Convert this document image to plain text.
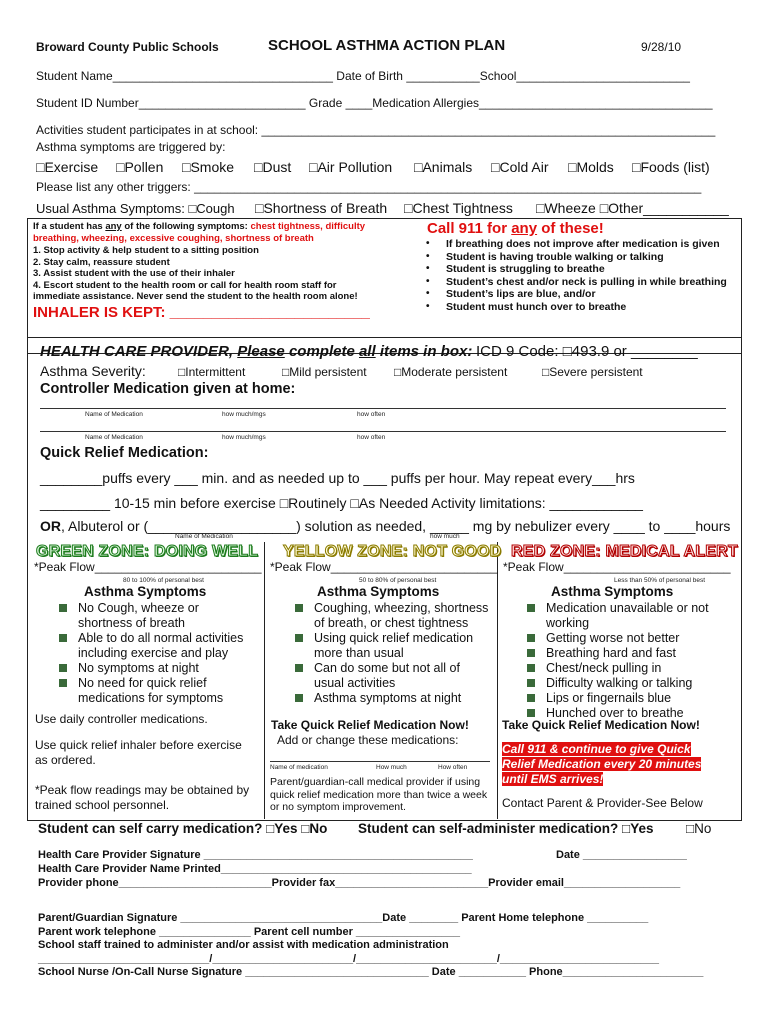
Broward County Public Schools	SCHOOL ASTHMA ACTION PLAN	9/28/10
Student Name_________________________________ Date of Birth ___________School__________________________
Student ID Number_________________________ Grade ____Medication Allergies___________________________________
Activities student participates in at school: ____________________________________________________________________
Asthma symptoms are triggered by:
□Exercise □Pollen □Smoke □Dust □Air Pollution □Animals □Cold Air □Molds □Foods (list)
Please list any other triggers: ____________________________________________________________________________
Usual Asthma Symptoms: □Cough □Shortness of Breath □Chest Tightness □Wheeze □Other___________
If a student has any of the following symptoms: chest tightness, difficulty
breathing, wheezing, excessive coughing, shortness of breath
1. Stop activity & help student to a sitting position
2. Stay calm, reassure student
3. Assist student with the use of their inhaler
4. Escort student to the health room or call for health room staff for
immediate assistance. Never send the student to the health room alone!
INHALER IS KEPT: ________________________
Call 911 for any of these!
• If breathing does not improve after medication is given
• Student is having trouble walking or talking
• Student is struggling to breathe
• Student’s chest and/or neck is pulling in while breathing
• Student’s lips are blue, and/or
• Student must hunch over to breathe
HEALTH CARE PROVIDER, Please complete all items in box: ICD 9 Code: □493.9 or ________
Asthma Severity:	□Intermittent	□Mild persistent □Moderate persistent	□Severe persistent
Controller Medication given at home:
Name of Medication	how much/mgs	how often
Name of Medication	how much/mgs	how often
Quick Relief Medication:
________puffs every ___ min. and as needed up to ___ puffs per hour. May repeat every___hrs
_________ 10-15 min before exercise □Routinely □As Needed Activity limitations: ____________
OR, Albuterol or (___________________) solution as needed, _____ mg by nebulizer every ____ to ____hours
Name of Medication	how much
GREEN ZONE: DOING WELL
*Peak Flow_________________________
80 to 100% of personal best
Asthma Symptoms
No Cough, wheeze or shortness of breath
Able to do all normal activities including exercise and play
No symptoms at night
No need for quick relief medications for symptoms
Use daily controller medications.
Use quick relief inhaler before exercise as ordered.
*Peak flow readings may be obtained by trained school personnel.
YELLOW ZONE: NOT GOOD
*Peak Flow_________________________
50 to 80% of personal best
Asthma Symptoms
Coughing, wheezing, shortness of breath, or chest tightness
Using quick relief medication more than usual
Can do some but not all of usual activities
Asthma symptoms at night
Take Quick Relief Medication Now!
Add or change these medications:
Name of medication	How much	How often
Parent/guardian-call medical provider if using quick relief medication more than twice a week or no symptom improvement.
RED ZONE: MEDICAL ALERT
*Peak Flow_________________________
Less than 50% of personal best
Asthma Symptoms
Medication unavailable or not working
Getting worse not better
Breathing hard and fast
Chest/neck pulling in
Difficulty walking or talking
Lips or fingernails blue
Hunched over to breathe
Take Quick Relief Medication Now!
Call 911 & continue to give Quick
Relief Medication every 20 minutes
until EMS arrives!
Contact Parent & Provider-See Below
Student can self carry medication? □Yes □No Student can self-administer medication? □Yes □No
Health Care Provider Signature ____________________________________________	Date _________________
Health Care Provider Name Printed_________________________________________
Provider phone_________________________Provider fax_________________________Provider email___________________
Parent/Guardian Signature _________________________________Date ________ Parent Home telephone __________
Parent work telephone _______________ Parent cell number _________________
School staff trained to administer and/or assist with medication administration
____________________________/_______________________/_______________________/__________________________
School Nurse /On-Call Nurse Signature ______________________________ Date ___________ Phone_______________________
